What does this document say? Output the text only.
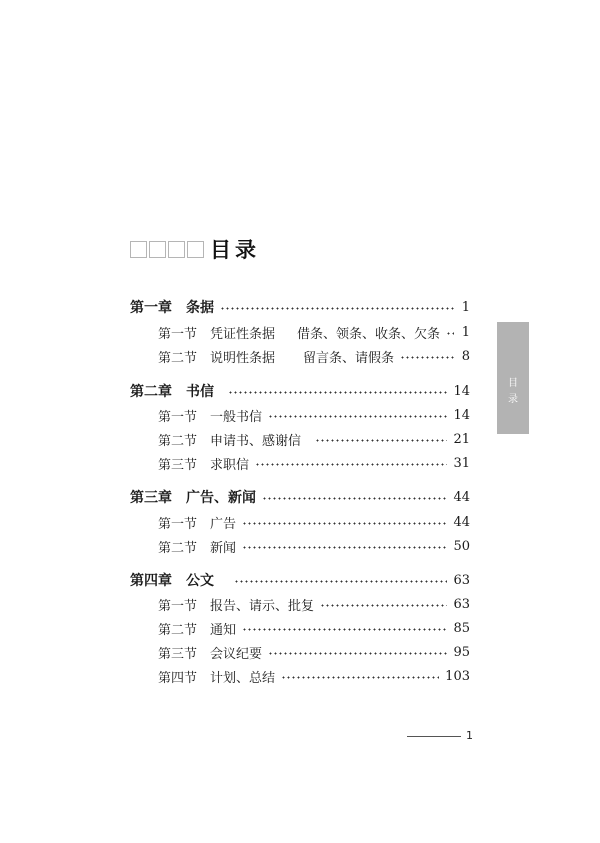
目录
第一章	条据	1
第一节 凭证性条据 借条、领条、收条、欠条 1
第二节 说明性条据 留言条、请假条	8
第二章	书信	14
第一节 一般书信	14
第二节 申请书、感谢信	21
第三节 求职信	31
第三章	广告、新闻	44
第一节 广告	44
第二节 新闻	50
第四章	公文	63
第一节 报告、请示、批复	63
第二节 通知	85
第三节 会议纪要	95
第四节 计划、总结	103
目
录
1
